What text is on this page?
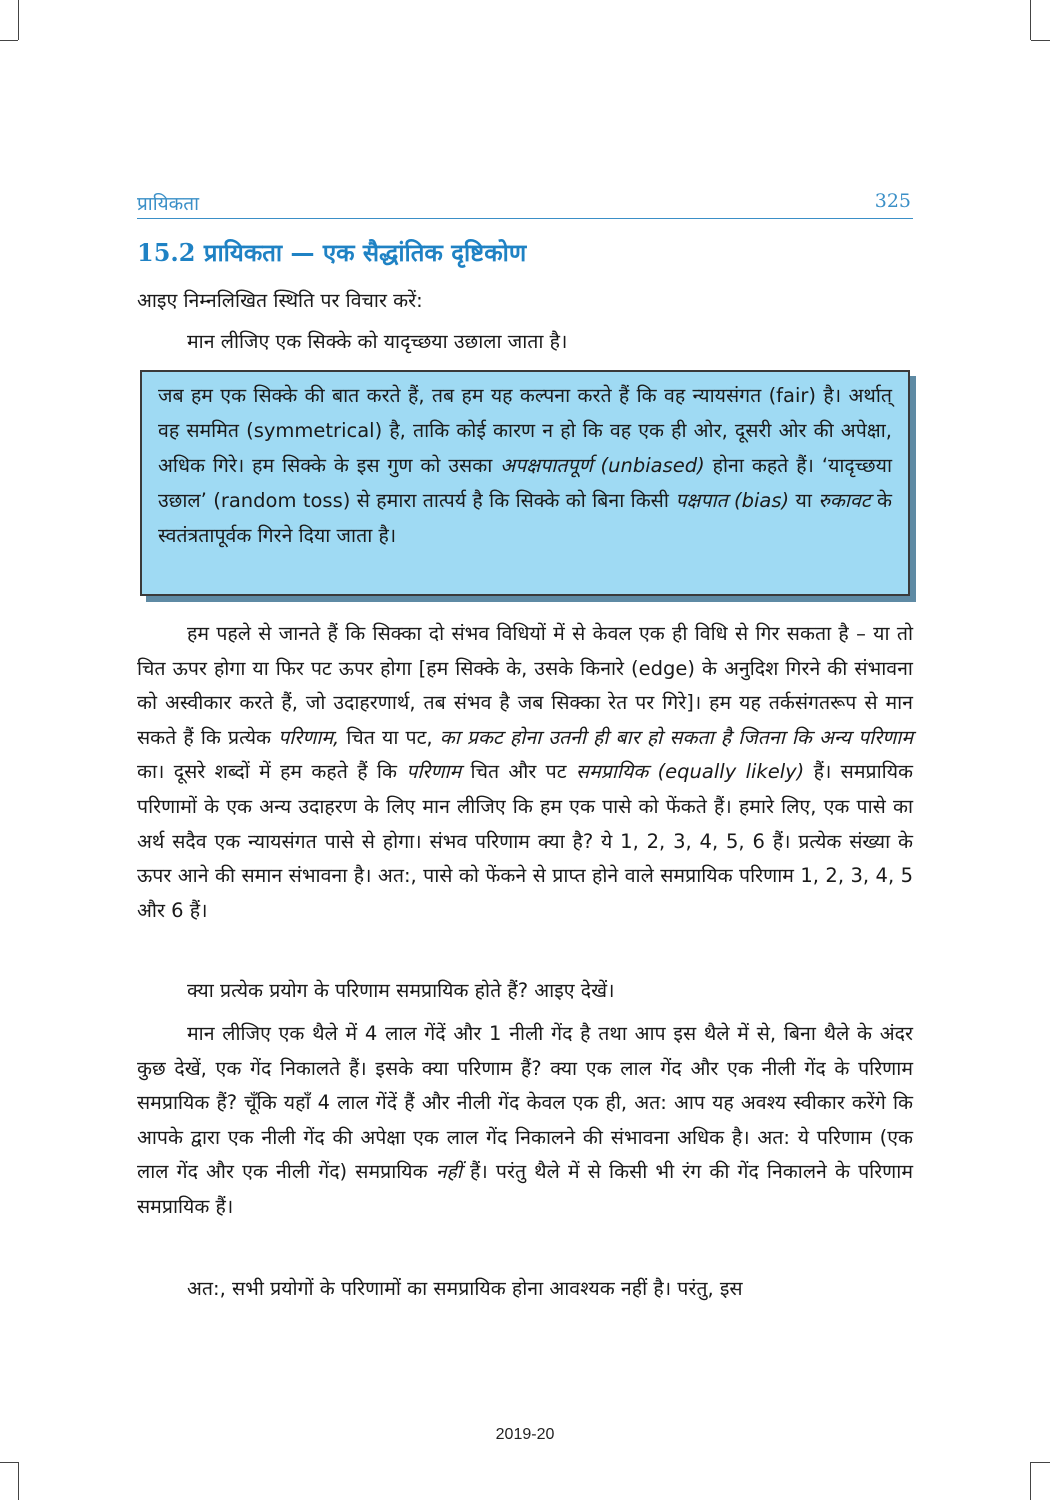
प्रायिकता	325
15.2 प्रायिकता — एक सैद्धांतिक दृष्टिकोण
आइए निम्नलिखित स्थिति पर विचार करें:
मान लीजिए एक सिक्के को यादृच्छया उछाला जाता है।
जब हम एक सिक्के की बात करते हैं, तब हम यह कल्पना करते हैं कि वह न्यायसंगत (fair) है। अर्थात् वह सममित (symmetrical) है, ताकि कोई कारण न हो कि वह एक ही ओर, दूसरी ओर की अपेक्षा, अधिक गिरे। हम सिक्के के इस गुण को उसका अपक्षपातपूर्ण (unbiased) होना कहते हैं। ‘यादृच्छया उछाल’ (random toss) से हमारा तात्पर्य है कि सिक्के को बिना किसी पक्षपात (bias) या रुकावट के स्वतंत्रतापूर्वक गिरने दिया जाता है।
हम पहले से जानते हैं कि सिक्का दो संभव विधियों में से केवल एक ही विधि से गिर सकता है – या तो चित ऊपर होगा या फिर पट ऊपर होगा [हम सिक्के के, उसके किनारे (edge) के अनुदिश गिरने की संभावना को अस्वीकार करते हैं, जो उदाहरणार्थ, तब संभव है जब सिक्का रेत पर गिरे]। हम यह तर्कसंगतरूप से मान सकते हैं कि प्रत्येक परिणाम, चित या पट, का प्रकट होना उतनी ही बार हो सकता है जितना कि अन्य परिणाम का। दूसरे शब्दों में हम कहते हैं कि परिणाम चित और पट समप्रायिक (equally likely) हैं। समप्रायिक परिणामों के एक अन्य उदाहरण के लिए मान लीजिए कि हम एक पासे को फेंकते हैं। हमारे लिए, एक पासे का अर्थ सदैव एक न्यायसंगत पासे से होगा। संभव परिणाम क्या है? ये 1, 2, 3, 4, 5, 6 हैं। प्रत्येक संख्या के ऊपर आने की समान संभावना है। अत:, पासे को फेंकने से प्राप्त होने वाले समप्रायिक परिणाम 1, 2, 3, 4, 5 और 6 हैं।
क्या प्रत्येक प्रयोग के परिणाम समप्रायिक होते हैं? आइए देखें।
मान लीजिए एक थैले में 4 लाल गेंदें और 1 नीली गेंद है तथा आप इस थैले में से, बिना थैले के अंदर कुछ देखें, एक गेंद निकालते हैं। इसके क्या परिणाम हैं? क्या एक लाल गेंद और एक नीली गेंद के परिणाम समप्रायिक हैं? चूँकि यहाँ 4 लाल गेंदें हैं और नीली गेंद केवल एक ही, अत: आप यह अवश्य स्वीकार करेंगे कि आपके द्वारा एक नीली गेंद की अपेक्षा एक लाल गेंद निकालने की संभावना अधिक है। अत: ये परिणाम (एक लाल गेंद और एक नीली गेंद) समप्रायिक नहीं हैं। परंतु थैले में से किसी भी रंग की गेंद निकालने के परिणाम समप्रायिक हैं।
अत:, सभी प्रयोगों के परिणामों का समप्रायिक होना आवश्यक नहीं है। परंतु, इस
2019-20
